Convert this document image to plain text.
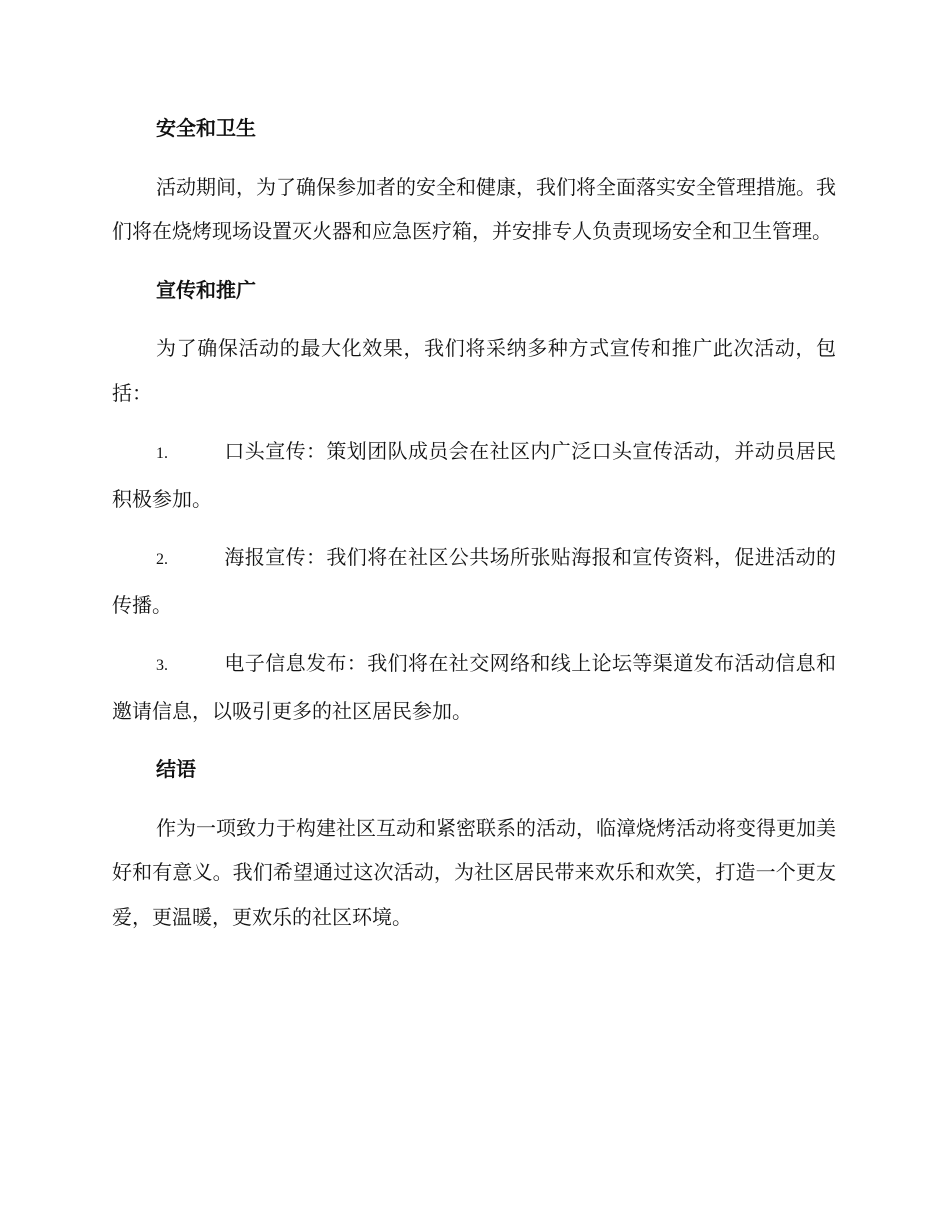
安全和卫生
活动期间，为了确保参加者的安全和健康，我们将全面落实安全管理措施。我们将在烧烤现场设置灭火器和应急医疗箱，并安排专人负责现场安全和卫生管理。
宣传和推广
为了确保活动的最大化效果，我们将采纳多种方式宣传和推广此次活动，包括：
1.	口头宣传：策划团队成员会在社区内广泛口头宣传活动，并动员居民积极参加。
2.	海报宣传：我们将在社区公共场所张贴海报和宣传资料，促进活动的传播。
3.	电子信息发布：我们将在社交网络和线上论坛等渠道发布活动信息和邀请信息，以吸引更多的社区居民参加。
结语
作为一项致力于构建社区互动和紧密联系的活动，临漳烧烤活动将变得更加美好和有意义。我们希望通过这次活动，为社区居民带来欢乐和欢笑，打造一个更友爱，更温暖，更欢乐的社区环境。
